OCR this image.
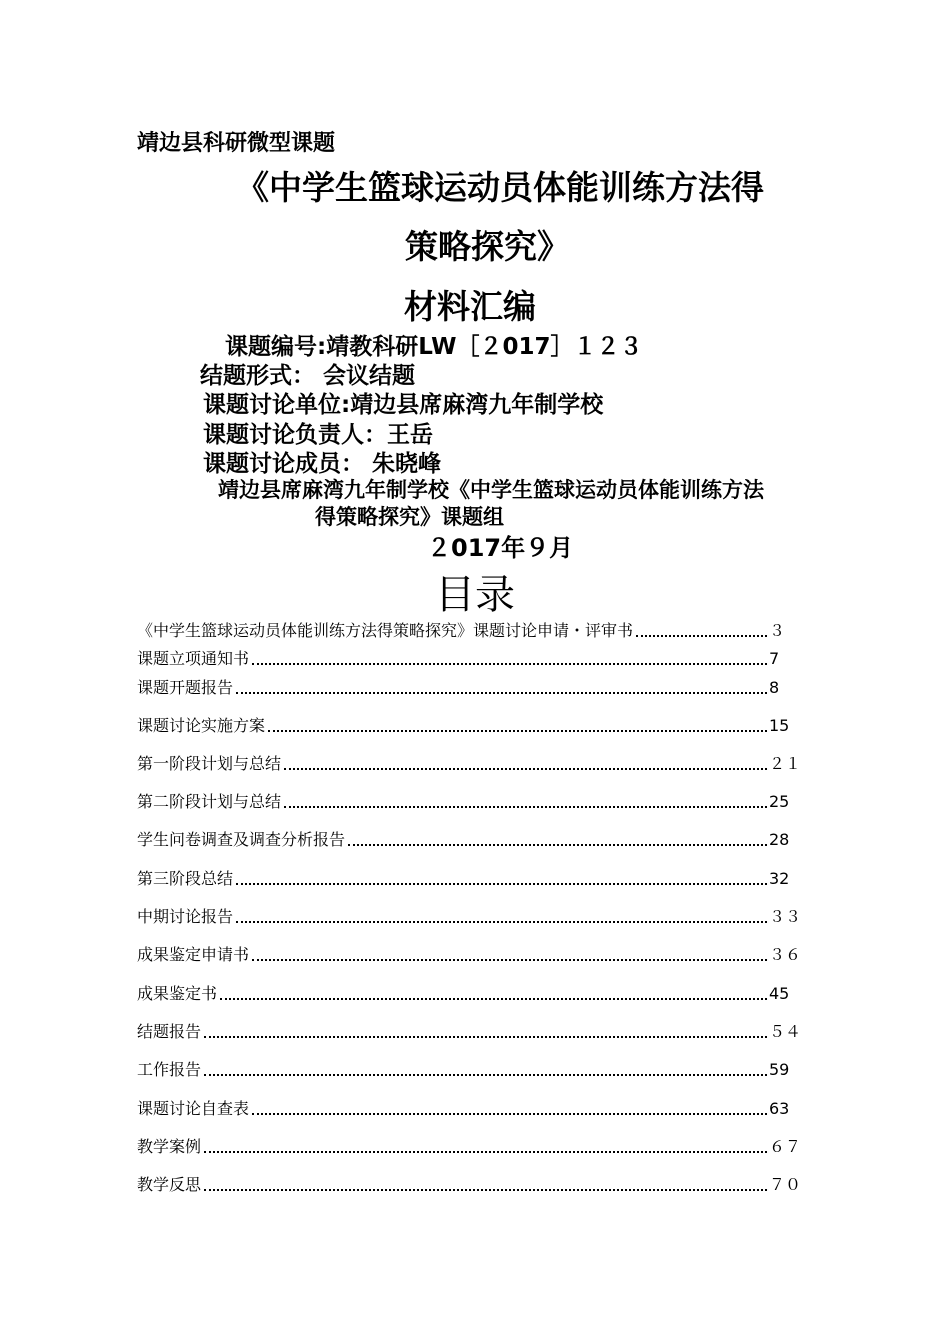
靖边县科研微型课题
《中学生篮球运动员体能训练方法得
策略探究》
材料汇编
课题编号:靖教科研LW［２017］１２３
结题形式： 会议结题
课题讨论单位:靖边县席麻湾九年制学校
课题讨论负责人：王岳
课题讨论成员： 朱晓峰
靖边县席麻湾九年制学校《中学生篮球运动员体能训练方法
得策略探究》课题组
２017年９月
目录
《中学生篮球运动员体能训练方法得策略探究》课题讨论申请・评审书	３
课题立项通知书	7
课题开题报告	8
课题讨论实施方案	15
第一阶段计划与总结	２１
第二阶段计划与总结	25
学生问卷调查及调查分析报告	28
第三阶段总结	32
中期讨论报告	３３
成果鉴定申请书	３６
成果鉴定书	45
结题报告	５４
工作报告	59
课题讨论自查表	63
教学案例	６７
教学反思	７０
